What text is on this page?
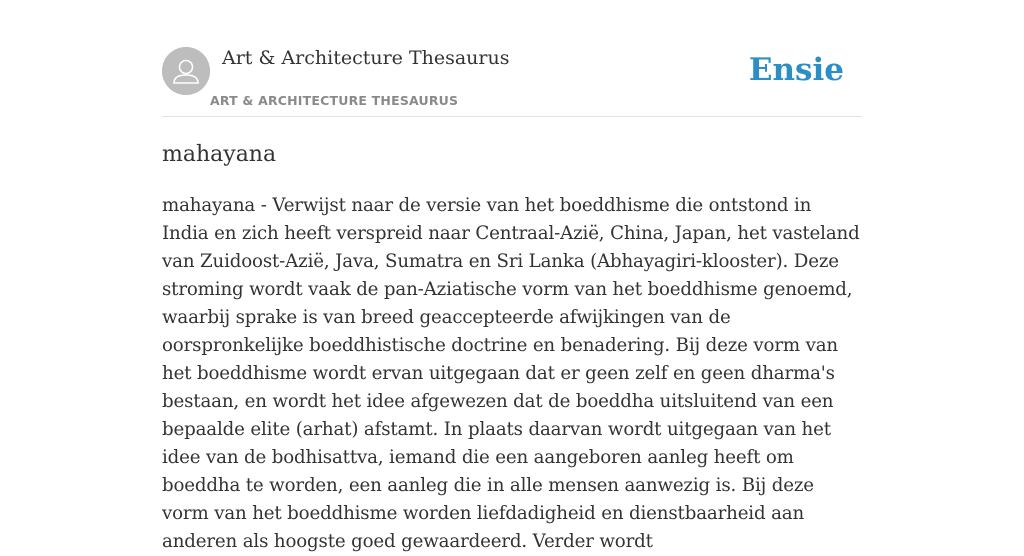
Art & Architecture Thesaurus
ART & ARCHITECTURE THESAURUS
Ensie
mahayana

mahayana - Verwijst naar de versie van het boeddhisme die ontstond in India en zich heeft verspreid naar Centraal-Azië, China, Japan, het vasteland van Zuidoost-Azië, Java, Sumatra en Sri Lanka (Abhayagiri-klooster). Deze stroming wordt vaak de pan-Aziatische vorm van het boeddhisme genoemd, waarbij sprake is van breed geaccepteerde afwijkingen van de oorspronkelijke boeddhistische doctrine en benadering. Bij deze vorm van het boeddhisme wordt ervan uitgegaan dat er geen zelf en geen dharma's bestaan, en wordt het idee afgewezen dat de boeddha uitsluitend van een bepaalde elite (arhat) afstamt. In plaats daarvan wordt uitgegaan van het idee van de bodhisattva, iemand die een aangeboren aanleg heeft om boeddha te worden, een aanleg die in alle mensen aanwezig is. Bij deze vorm van het boeddhisme worden liefdadigheid en dienstbaarheid aan anderen als hoogste goed gewaardeerd. Verder wordt
